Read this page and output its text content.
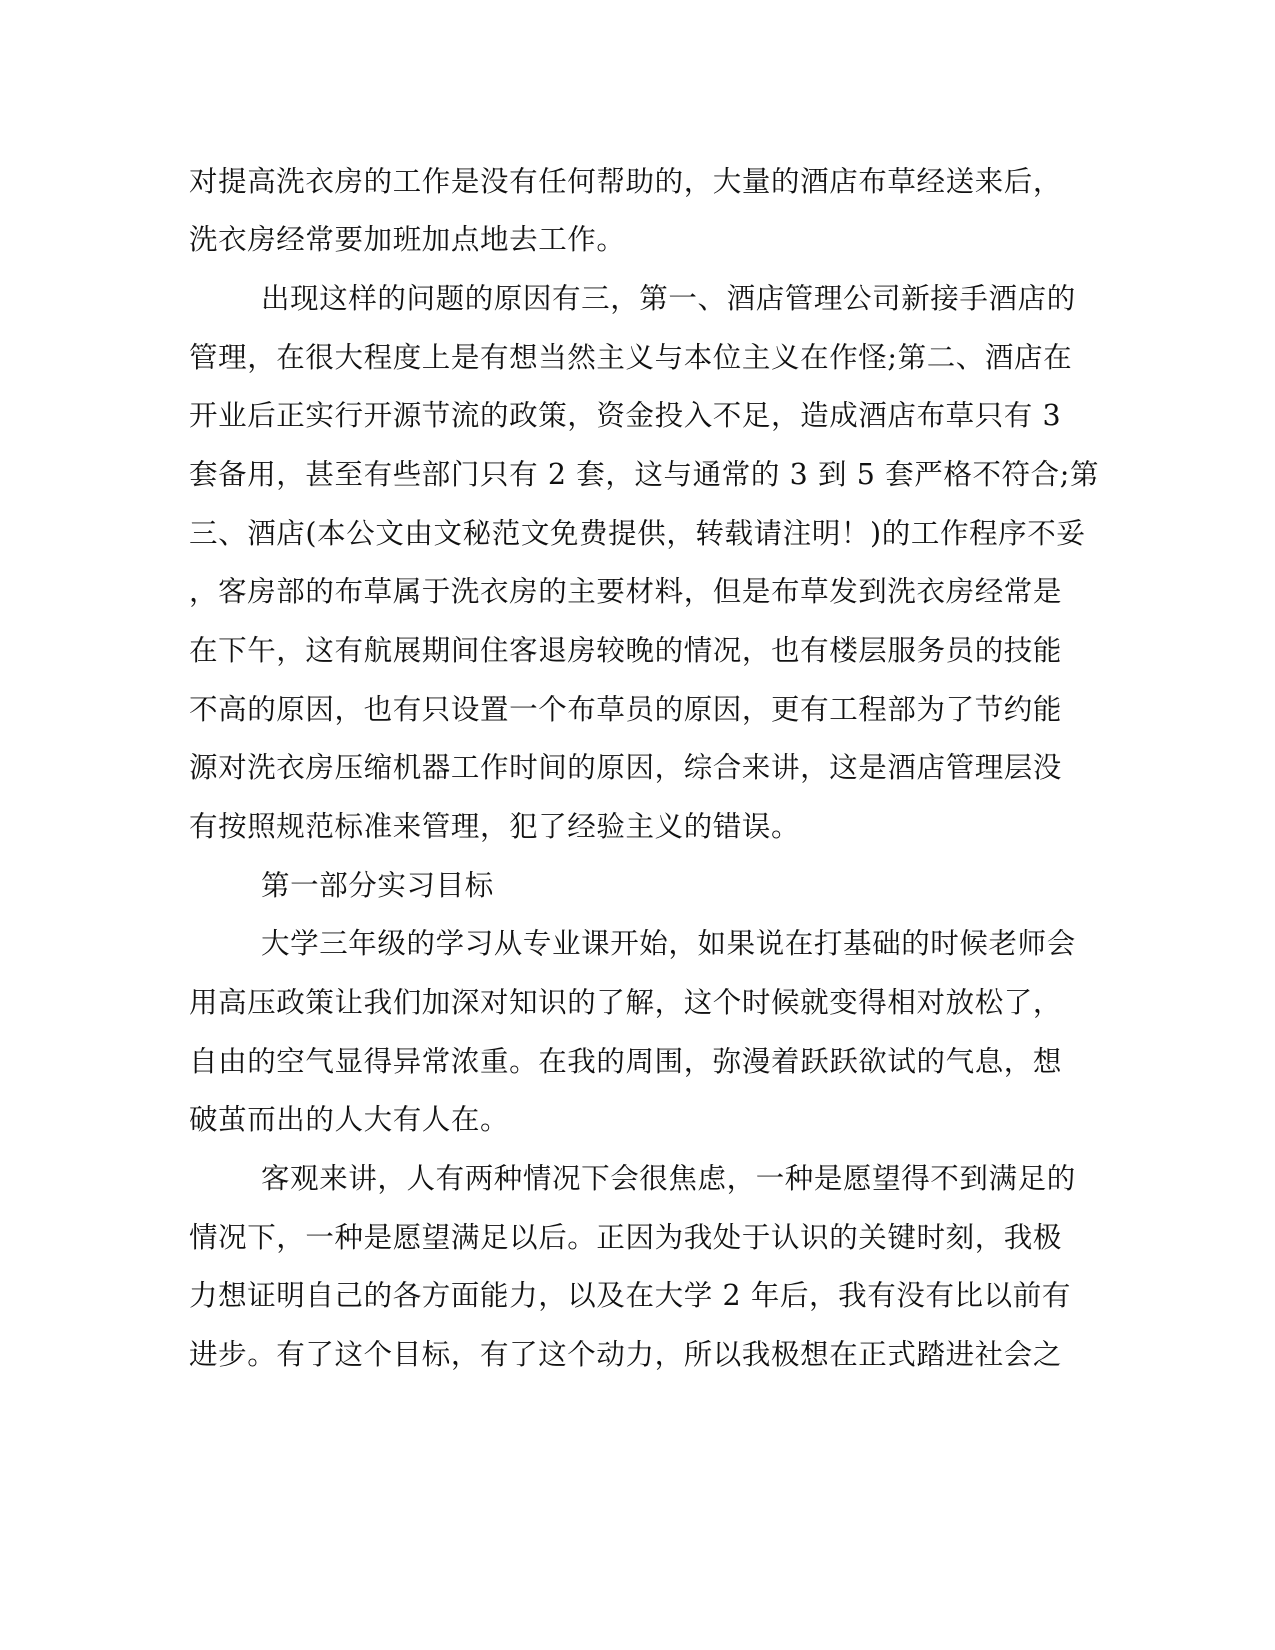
对提高洗衣房的工作是没有任何帮助的，大量的酒店布草经送来后，
洗衣房经常要加班加点地去工作。
出现这样的问题的原因有三，第一、酒店管理公司新接手酒店的
管理，在很大程度上是有想当然主义与本位主义在作怪;第二、酒店在
开业后正实行开源节流的政策，资金投入不足，造成酒店布草只有 3
套备用，甚至有些部门只有 2 套，这与通常的 3 到 5 套严格不符合;第
三、酒店(本公文由文秘范文免费提供，转载请注明！)的工作程序不妥
，客房部的布草属于洗衣房的主要材料，但是布草发到洗衣房经常是
在下午，这有航展期间住客退房较晚的情况，也有楼层服务员的技能
不高的原因，也有只设置一个布草员的原因，更有工程部为了节约能
源对洗衣房压缩机器工作时间的原因，综合来讲，这是酒店管理层没
有按照规范标准来管理，犯了经验主义的错误。
第一部分实习目标
大学三年级的学习从专业课开始，如果说在打基础的时候老师会
用高压政策让我们加深对知识的了解，这个时候就变得相对放松了，
自由的空气显得异常浓重。在我的周围，弥漫着跃跃欲试的气息，想
破茧而出的人大有人在。
客观来讲，人有两种情况下会很焦虑，一种是愿望得不到满足的
情况下，一种是愿望满足以后。正因为我处于认识的关键时刻，我极
力想证明自己的各方面能力，以及在大学 2 年后，我有没有比以前有
进步。有了这个目标，有了这个动力，所以我极想在正式踏进社会之
